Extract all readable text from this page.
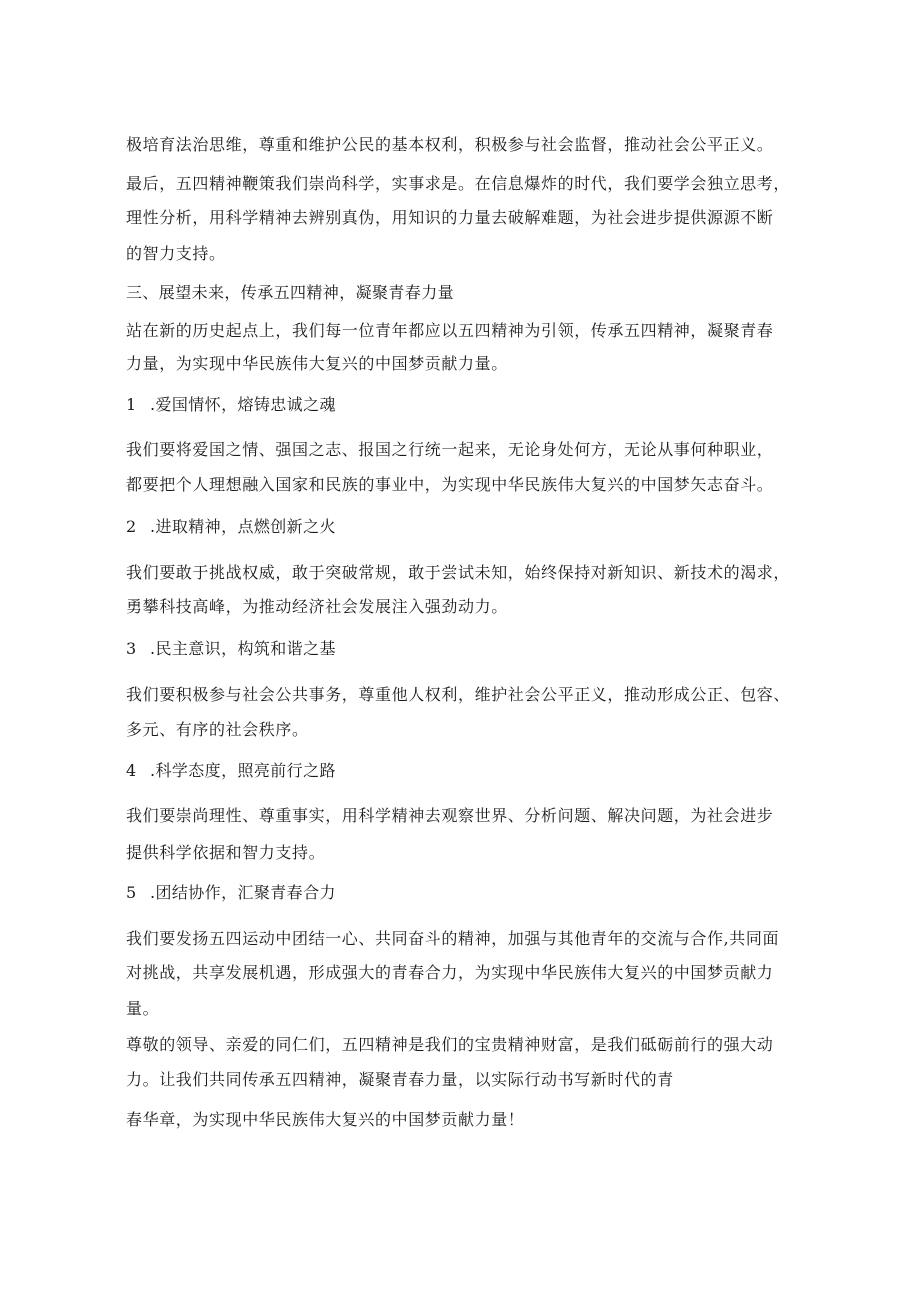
极培育法治思维，尊重和维护公民的基本权利，积极参与社会监督，推动社会公平正义。
最后，五四精神鞭策我们崇尚科学，实事求是。在信息爆炸的时代，我们要学会独立思考，
理性分析，用科学精神去辨别真伪，用知识的力量去破解难题，为社会进步提供源源不断
的智力支持。
三、展望未来，传承五四精神，凝聚青春力量
站在新的历史起点上，我们每一位青年都应以五四精神为引领，传承五四精神，凝聚青春
力量，为实现中华民族伟大复兴的中国梦贡献力量。
1 .爱国情怀，熔铸忠诚之魂
我们要将爱国之情、强国之志、报国之行统一起来，无论身处何方，无论从事何种职业，
都要把个人理想融入国家和民族的事业中，为实现中华民族伟大复兴的中国梦矢志奋斗。
2 .进取精神，点燃创新之火
我们要敢于挑战权威，敢于突破常规，敢于尝试未知，始终保持对新知识、新技术的渴求，
勇攀科技高峰，为推动经济社会发展注入强劲动力。
3 .民主意识，构筑和谐之基
我们要积极参与社会公共事务，尊重他人权利，维护社会公平正义，推动形成公正、包容、
多元、有序的社会秩序。
4 .科学态度，照亮前行之路
我们要崇尚理性、尊重事实，用科学精神去观察世界、分析问题、解决问题，为社会进步
提供科学依据和智力支持。
5 .团结协作，汇聚青春合力
我们要发扬五四运动中团结一心、共同奋斗的精神，加强与其他青年的交流与合作,共同面
对挑战，共享发展机遇，形成强大的青春合力，为实现中华民族伟大复兴的中国梦贡献力
量。
尊敬的领导、亲爱的同仁们，五四精神是我们的宝贵精神财富，是我们砥砺前行的强大动
力。让我们共同传承五四精神，凝聚青春力量，以实际行动书写新时代的青
春华章，为实现中华民族伟大复兴的中国梦贡献力量！
